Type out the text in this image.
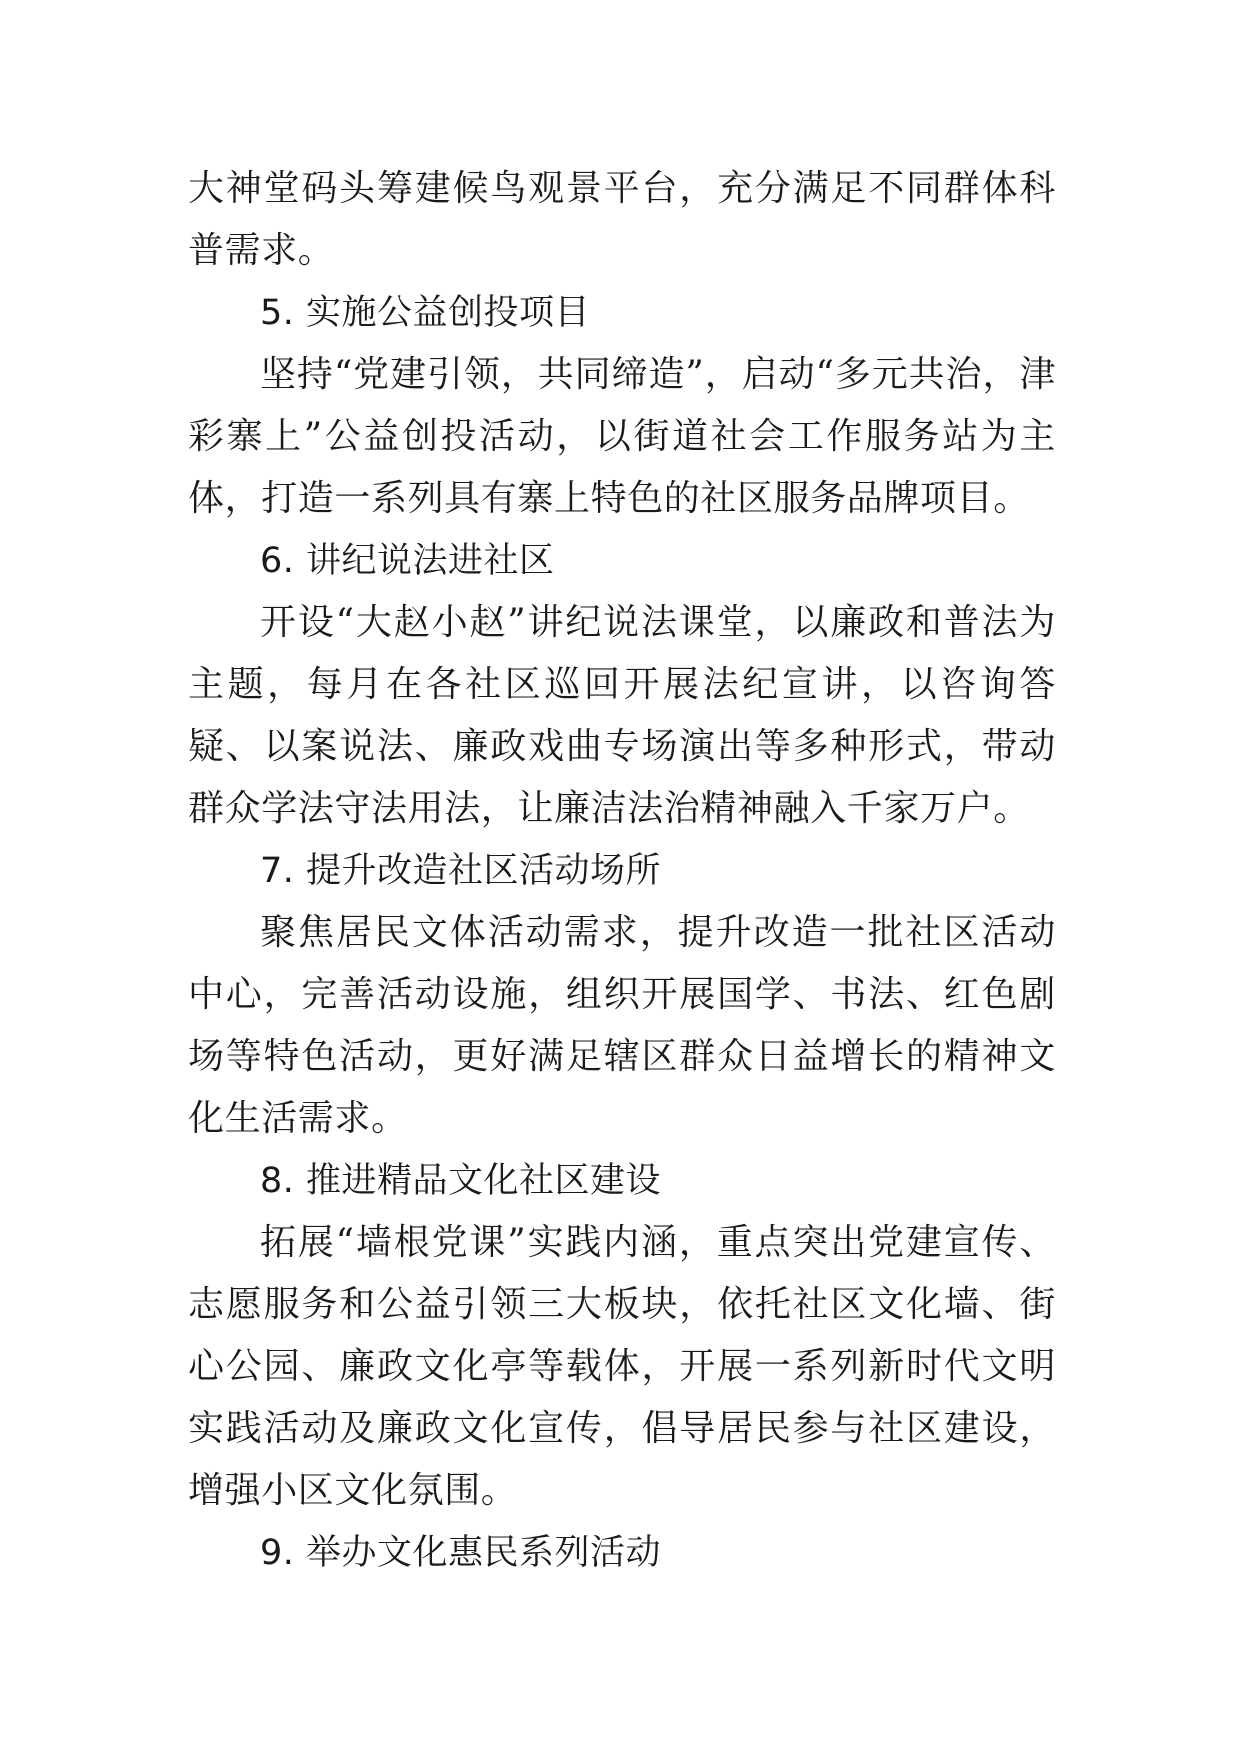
大神堂码头筹建候鸟观景平台，充分满足不同群体科普需求。

5. 实施公益创投项目

坚持“党建引领，共同缔造”，启动“多元共治，津彩寨上”公益创投活动，以街道社会工作服务站为主体，打造一系列具有寨上特色的社区服务品牌项目。

6. 讲纪说法进社区

开设“大赵小赵”讲纪说法课堂，以廉政和普法为主题，每月在各社区巡回开展法纪宣讲，以咨询答疑、以案说法、廉政戏曲专场演出等多种形式，带动群众学法守法用法，让廉洁法治精神融入千家万户。

7. 提升改造社区活动场所

聚焦居民文体活动需求，提升改造一批社区活动中心，完善活动设施，组织开展国学、书法、红色剧场等特色活动，更好满足辖区群众日益增长的精神文化生活需求。

8. 推进精品文化社区建设

拓展“墙根党课”实践内涵，重点突出党建宣传、志愿服务和公益引领三大板块，依托社区文化墙、街心公园、廉政文化亭等载体，开展一系列新时代文明实践活动及廉政文化宣传，倡导居民参与社区建设，增强小区文化氛围。

9. 举办文化惠民系列活动
